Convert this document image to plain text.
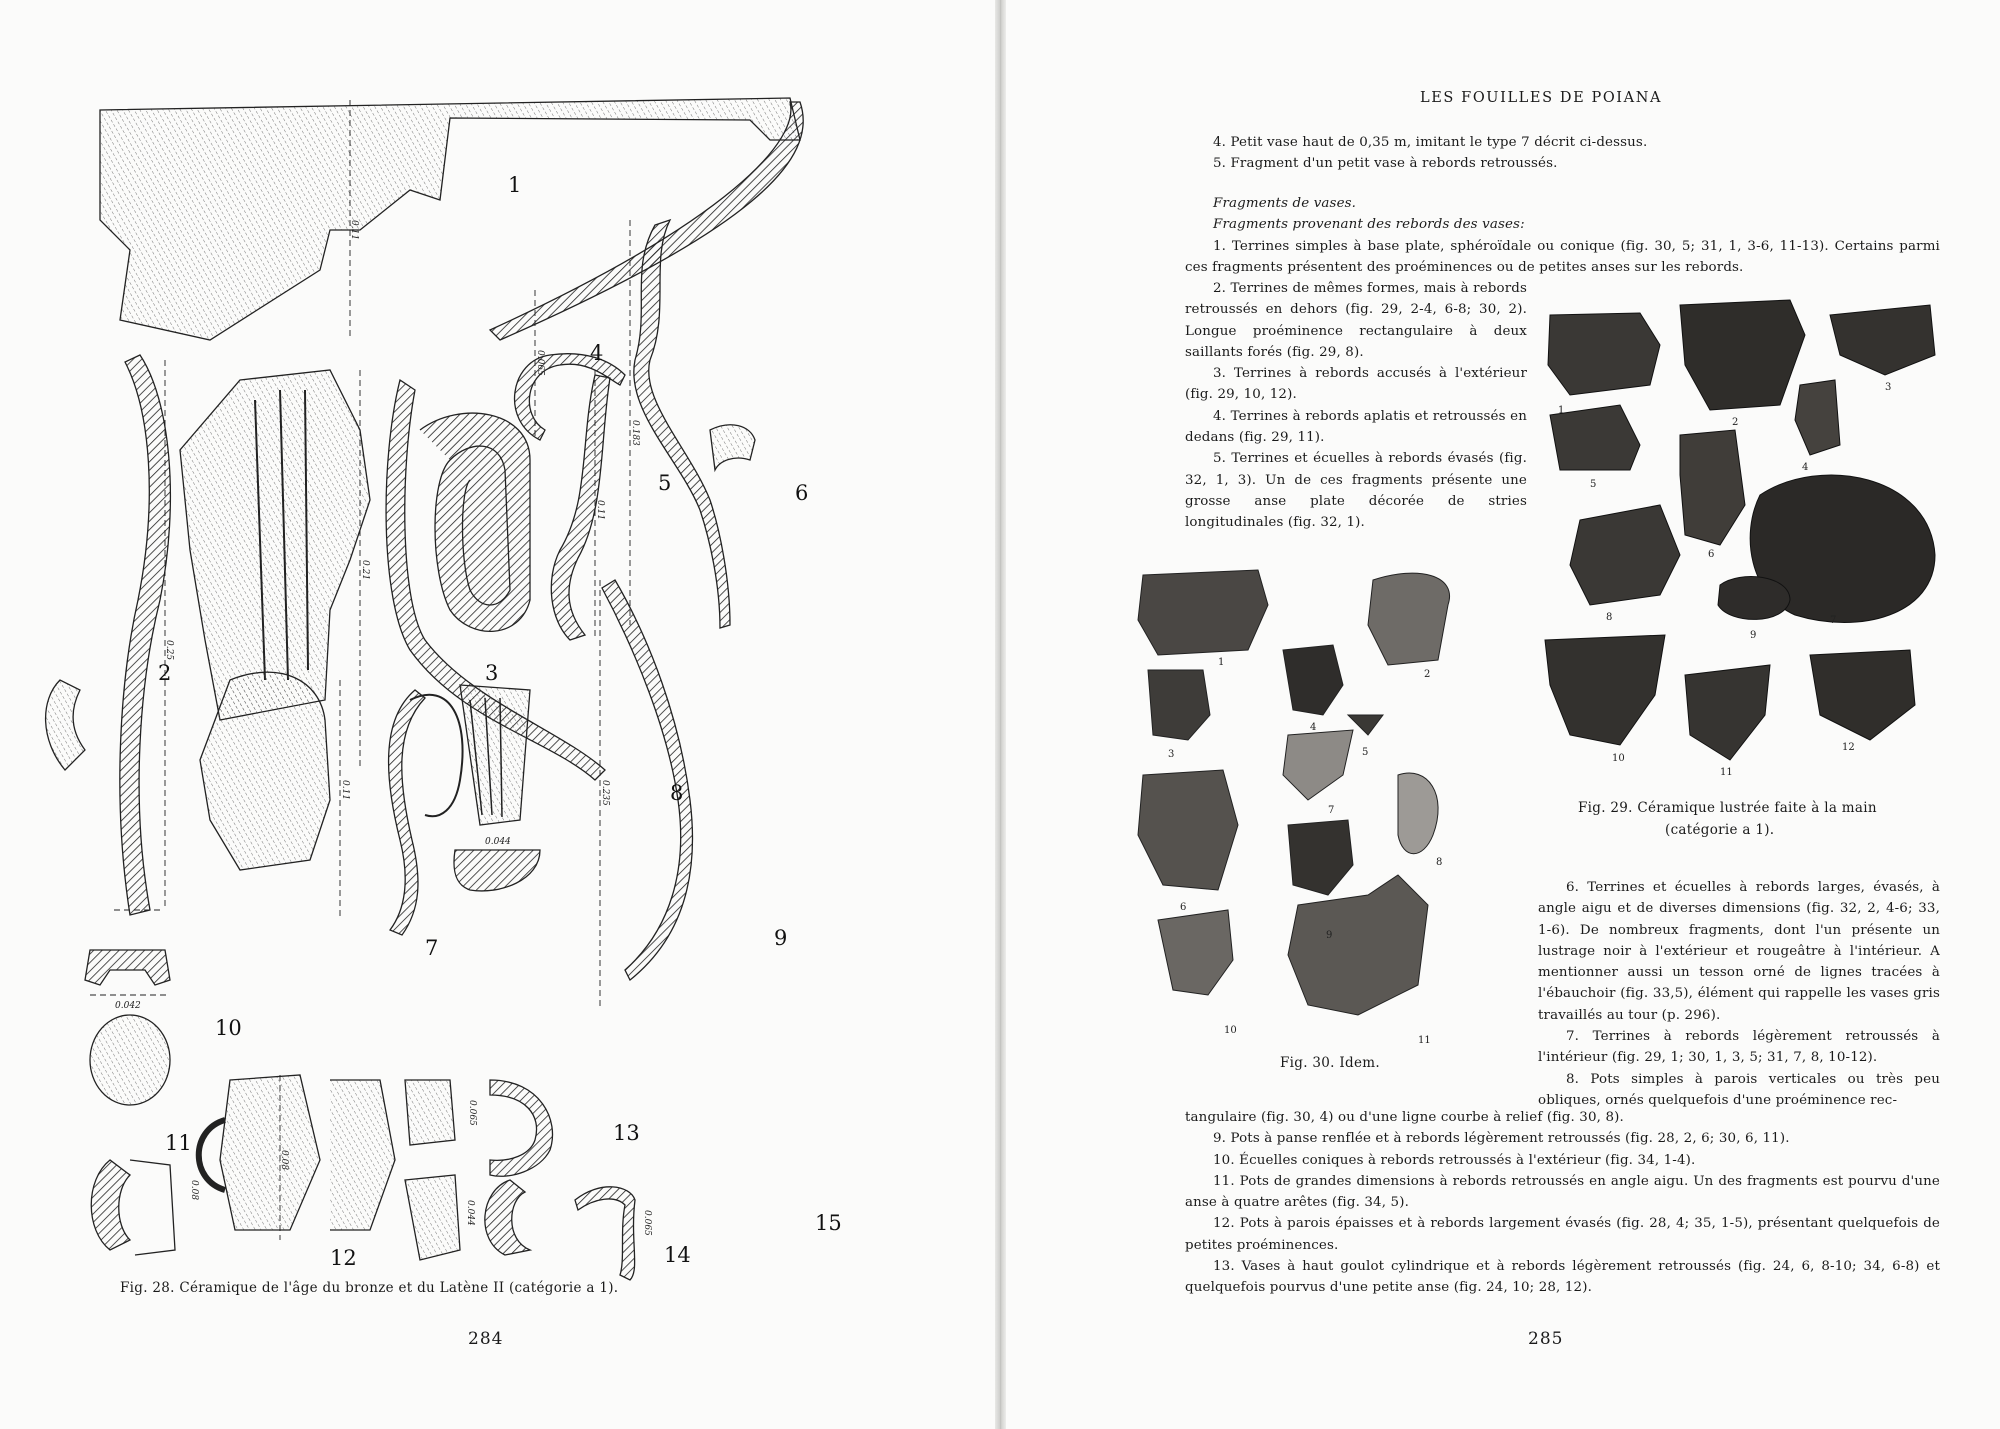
1
2	3
4
5	6
7
8
9
10
11
12
13
14
15
0.11
0.25
0.21
0.065
0.11
0.183
0.11	0.235
0.044
0.042
0.08
0.065
0.065
0.08
0.044
Fig. 28. Céramique de l'âge du bronze et du Latène II (catégorie a 1).
284
LES FOUILLES DE POIANA

4. Petit vase haut de 0,35 m, imitant le type 7 décrit ci-dessus.

5. Fragment d'un petit vase à rebords retroussés.

Fragments de vases.

Fragments provenant des rebords des vases:

1. Terrines simples à base plate, sphéroïdale ou conique (fig. 30, 5; 31, 1, 3-6, 11-13). Certains parmi ces fragments présentent des proéminences ou de petites anses sur les rebords.

2. Terrines de mêmes formes, mais à rebords retroussés en dehors (fig. 29, 2-4, 6-8; 30, 2). Longue proéminence rectangulaire à deux saillants forés (fig. 29, 8).

3. Terrines à rebords accusés à l'extérieur (fig. 29, 10, 12).

4. Terrines à rebords aplatis et retroussés en dedans (fig. 29, 11).

5. Terrines et écuelles à rebords évasés (fig. 32, 1, 3). Un de ces fragments présente une grosse anse plate décorée de stries longitudinales (fig. 32, 1).

1
2
3
4
5
6
7
8
9
10
11
12
Fig. 29. Céramique lustrée faite à la main
(catégorie a 1).
1
2
3
4
5
6
7
8
9
10
11
Fig. 30. Idem.

6. Terrines et écuelles à rebords larges, évasés, à angle aigu et de diverses dimensions (fig. 32, 2, 4-6; 33, 1-6). De nombreux fragments, dont l'un présente un lustrage noir à l'extérieur et rougeâtre à l'intérieur. A mentionner aussi un tesson orné de lignes tracées à l'ébauchoir (fig. 33,5), élément qui rappelle les vases gris travaillés au tour (p. 296).

7. Terrines à rebords légèrement retroussés à l'intérieur (fig. 29, 1; 30, 1, 3, 5; 31, 7, 8, 10-12).

8. Pots simples à parois verticales ou très peu obliques, ornés quelquefois d'une proéminence rec-

tangulaire (fig. 30, 4) ou d'une ligne courbe à relief (fig. 30, 8).

9. Pots à panse renflée et à rebords légèrement retroussés (fig. 28, 2, 6; 30, 6, 11).

10. Écuelles coniques à rebords retroussés à l'extérieur (fig. 34, 1-4).

11. Pots de grandes dimensions à rebords retroussés en angle aigu. Un des fragments est pourvu d'une anse à quatre arêtes (fig. 34, 5).

12. Pots à parois épaisses et à rebords largement évasés (fig. 28, 4; 35, 1-5), présentant quelquefois de petites proéminences.

13. Vases à haut goulot cylindrique et à rebords légèrement retroussés (fig. 24, 6, 8-10; 34, 6-8) et quelquefois pourvus d'une petite anse (fig. 24, 10; 28, 12).

285
